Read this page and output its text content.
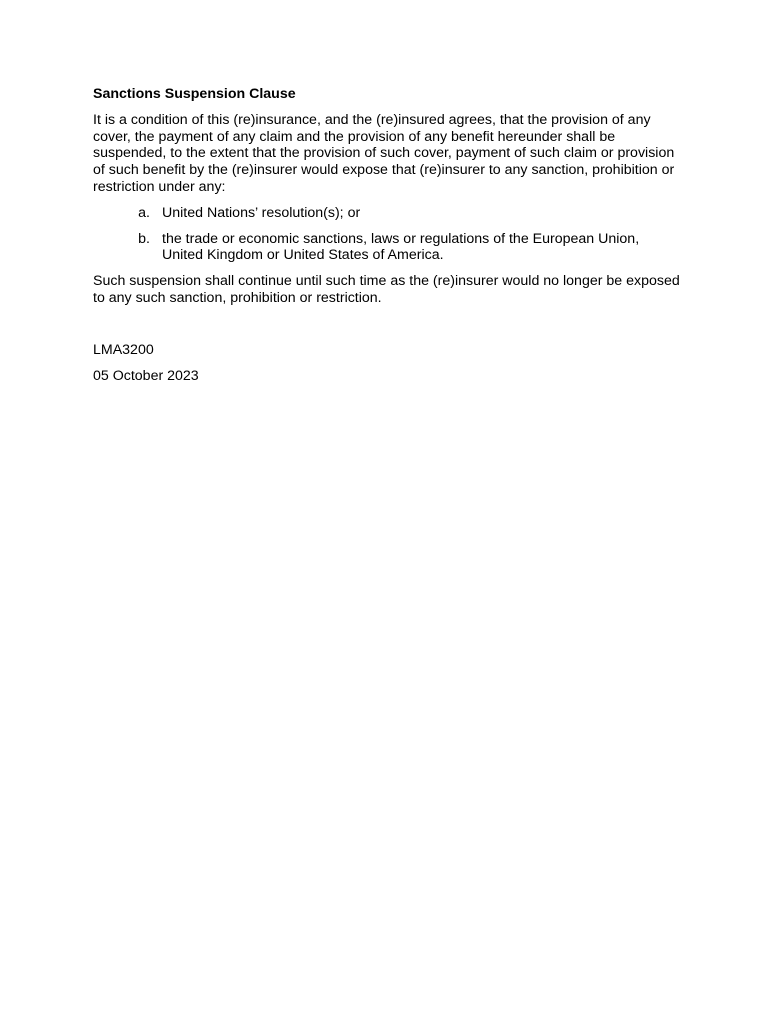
Sanctions Suspension Clause

It is a condition of this (re)insurance, and the (re)insured agrees, that the provision of any cover, the payment of any claim and the provision of any benefit hereunder shall be suspended, to the extent that the provision of such cover, payment of such claim or provision of such benefit by the (re)insurer would expose that (re)insurer to any sanction, prohibition or restriction under any:

a. United Nations’ resolution(s); or
b. the trade or economic sanctions, laws or regulations of the European Union, United Kingdom or United States of America.

Such suspension shall continue until such time as the (re)insurer would no longer be exposed to any such sanction, prohibition or restriction.

LMA3200

05 October 2023
